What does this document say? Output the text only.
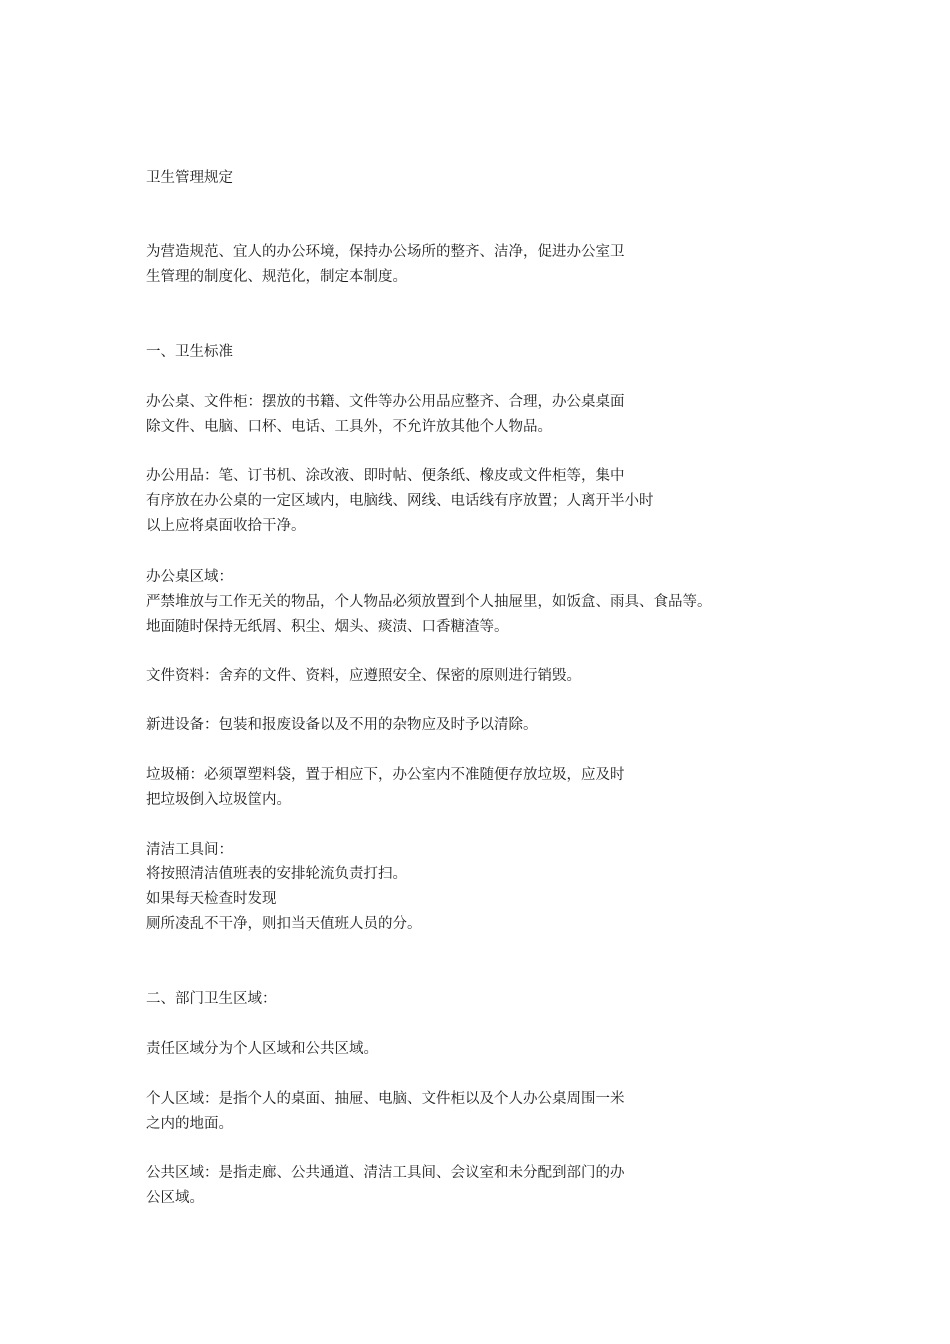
卫生管理规定
为营造规范、宜人的办公环境，保持办公场所的整齐、洁净，促进办公室卫
生管理的制度化、规范化，制定本制度。
一、卫生标准
办公桌、文件柜：摆放的书籍、文件等办公用品应整齐、合理，办公桌桌面
除文件、电脑、口杯、电话、工具外，不允许放其他个人物品。
办公用品：笔、订书机、涂改液、即时帖、便条纸、橡皮或文件柜等，集中
有序放在办公桌的一定区域内，电脑线、网线、电话线有序放置；人离开半小时
以上应将桌面收拾干净。
办公桌区域：
严禁堆放与工作无关的物品，个人物品必须放置到个人抽屉里，如饭盒、雨具、食品等。
地面随时保持无纸屑、积尘、烟头、痰渍、口香糖渣等。
文件资料：舍弃的文件、资料，应遵照安全、保密的原则进行销毁。
新进设备：包装和报废设备以及不用的杂物应及时予以清除。
垃圾桶：必须罩塑料袋，置于相应下，办公室内不准随便存放垃圾，应及时
把垃圾倒入垃圾筐内。
清洁工具间：
将按照清洁值班表的安排轮流负责打扫。
如果每天检查时发现
厕所凌乱不干净，则扣当天值班人员的分。
二、部门卫生区域：
责任区域分为个人区域和公共区域。
个人区域：是指个人的桌面、抽屉、电脑、文件柜以及个人办公桌周围一米
之内的地面。
公共区域：是指走廊、公共通道、清洁工具间、会议室和未分配到部门的办
公区域。
